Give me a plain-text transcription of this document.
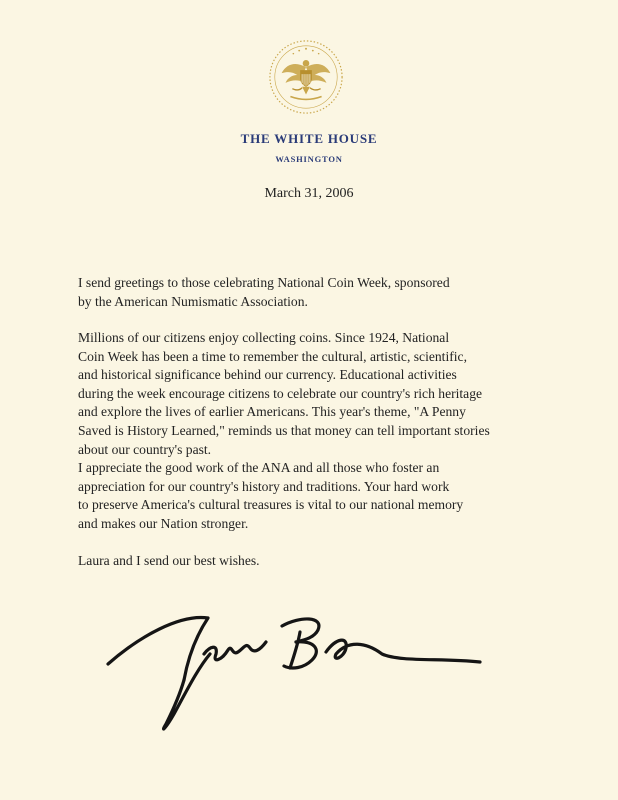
THE WHITE HOUSE
WASHINGTON
March 31, 2006
I send greetings to those celebrating National Coin Week, sponsored
by the American Numismatic Association.
Millions of our citizens enjoy collecting coins. Since 1924, National
Coin Week has been a time to remember the cultural, artistic, scientific,
and historical significance behind our currency. Educational activities
during the week encourage citizens to celebrate our country's rich heritage
and explore the lives of earlier Americans. This year's theme, "A Penny
Saved is History Learned," reminds us that money can tell important stories
about our country's past.
I appreciate the good work of the ANA and all those who foster an
appreciation for our country's history and traditions. Your hard work
to preserve America's cultural treasures is vital to our national memory
and makes our Nation stronger.
Laura and I send our best wishes.
